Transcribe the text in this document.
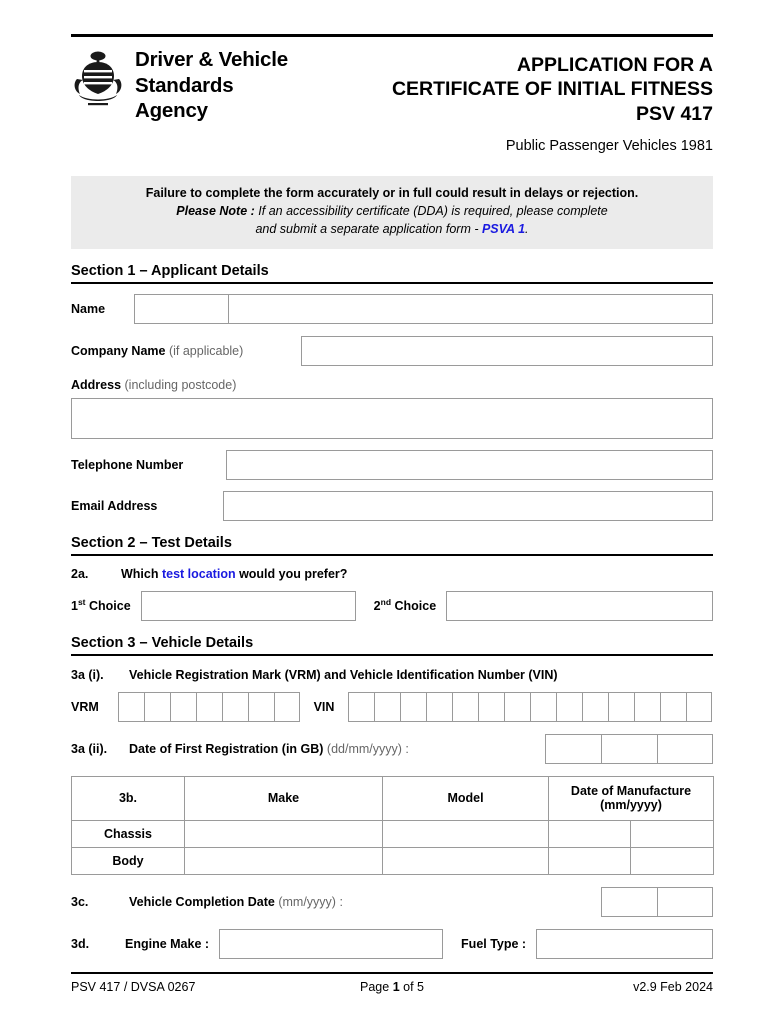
Driver & Vehicle
Standards
Agency
APPLICATION FOR A
CERTIFICATE OF INITIAL FITNESS
PSV 417
Public Passenger Vehicles 1981
Failure to complete the form accurately or in full could result in delays or rejection.
Please Note : If an accessibility certificate (DDA) is required, please complete
and submit a separate application form - PSVA 1.
Section 1 – Applicant Details
Name
Company Name (if applicable)
Address (including postcode)
Telephone Number
Email Address
Section 2 – Test Details
2a.	Which test location would you prefer?
1st Choice	2nd Choice
Section 3 – Vehicle Details
3a (i).	Vehicle Registration Mark (VRM) and Vehicle Identification Number (VIN)
VRM	VIN
3a (ii).	Date of First Registration (in GB) (dd/mm/yyyy) :
3b.	Make	Model	Date of Manufacture
(mm/yyyy)	

Chassis				
Body				
3c.	Vehicle Completion Date (mm/yyyy) :
3d.	Engine Make :	Fuel Type :
PSV 417 / DVSA 0267	Page 1 of 5	v2.9 Feb 2024
